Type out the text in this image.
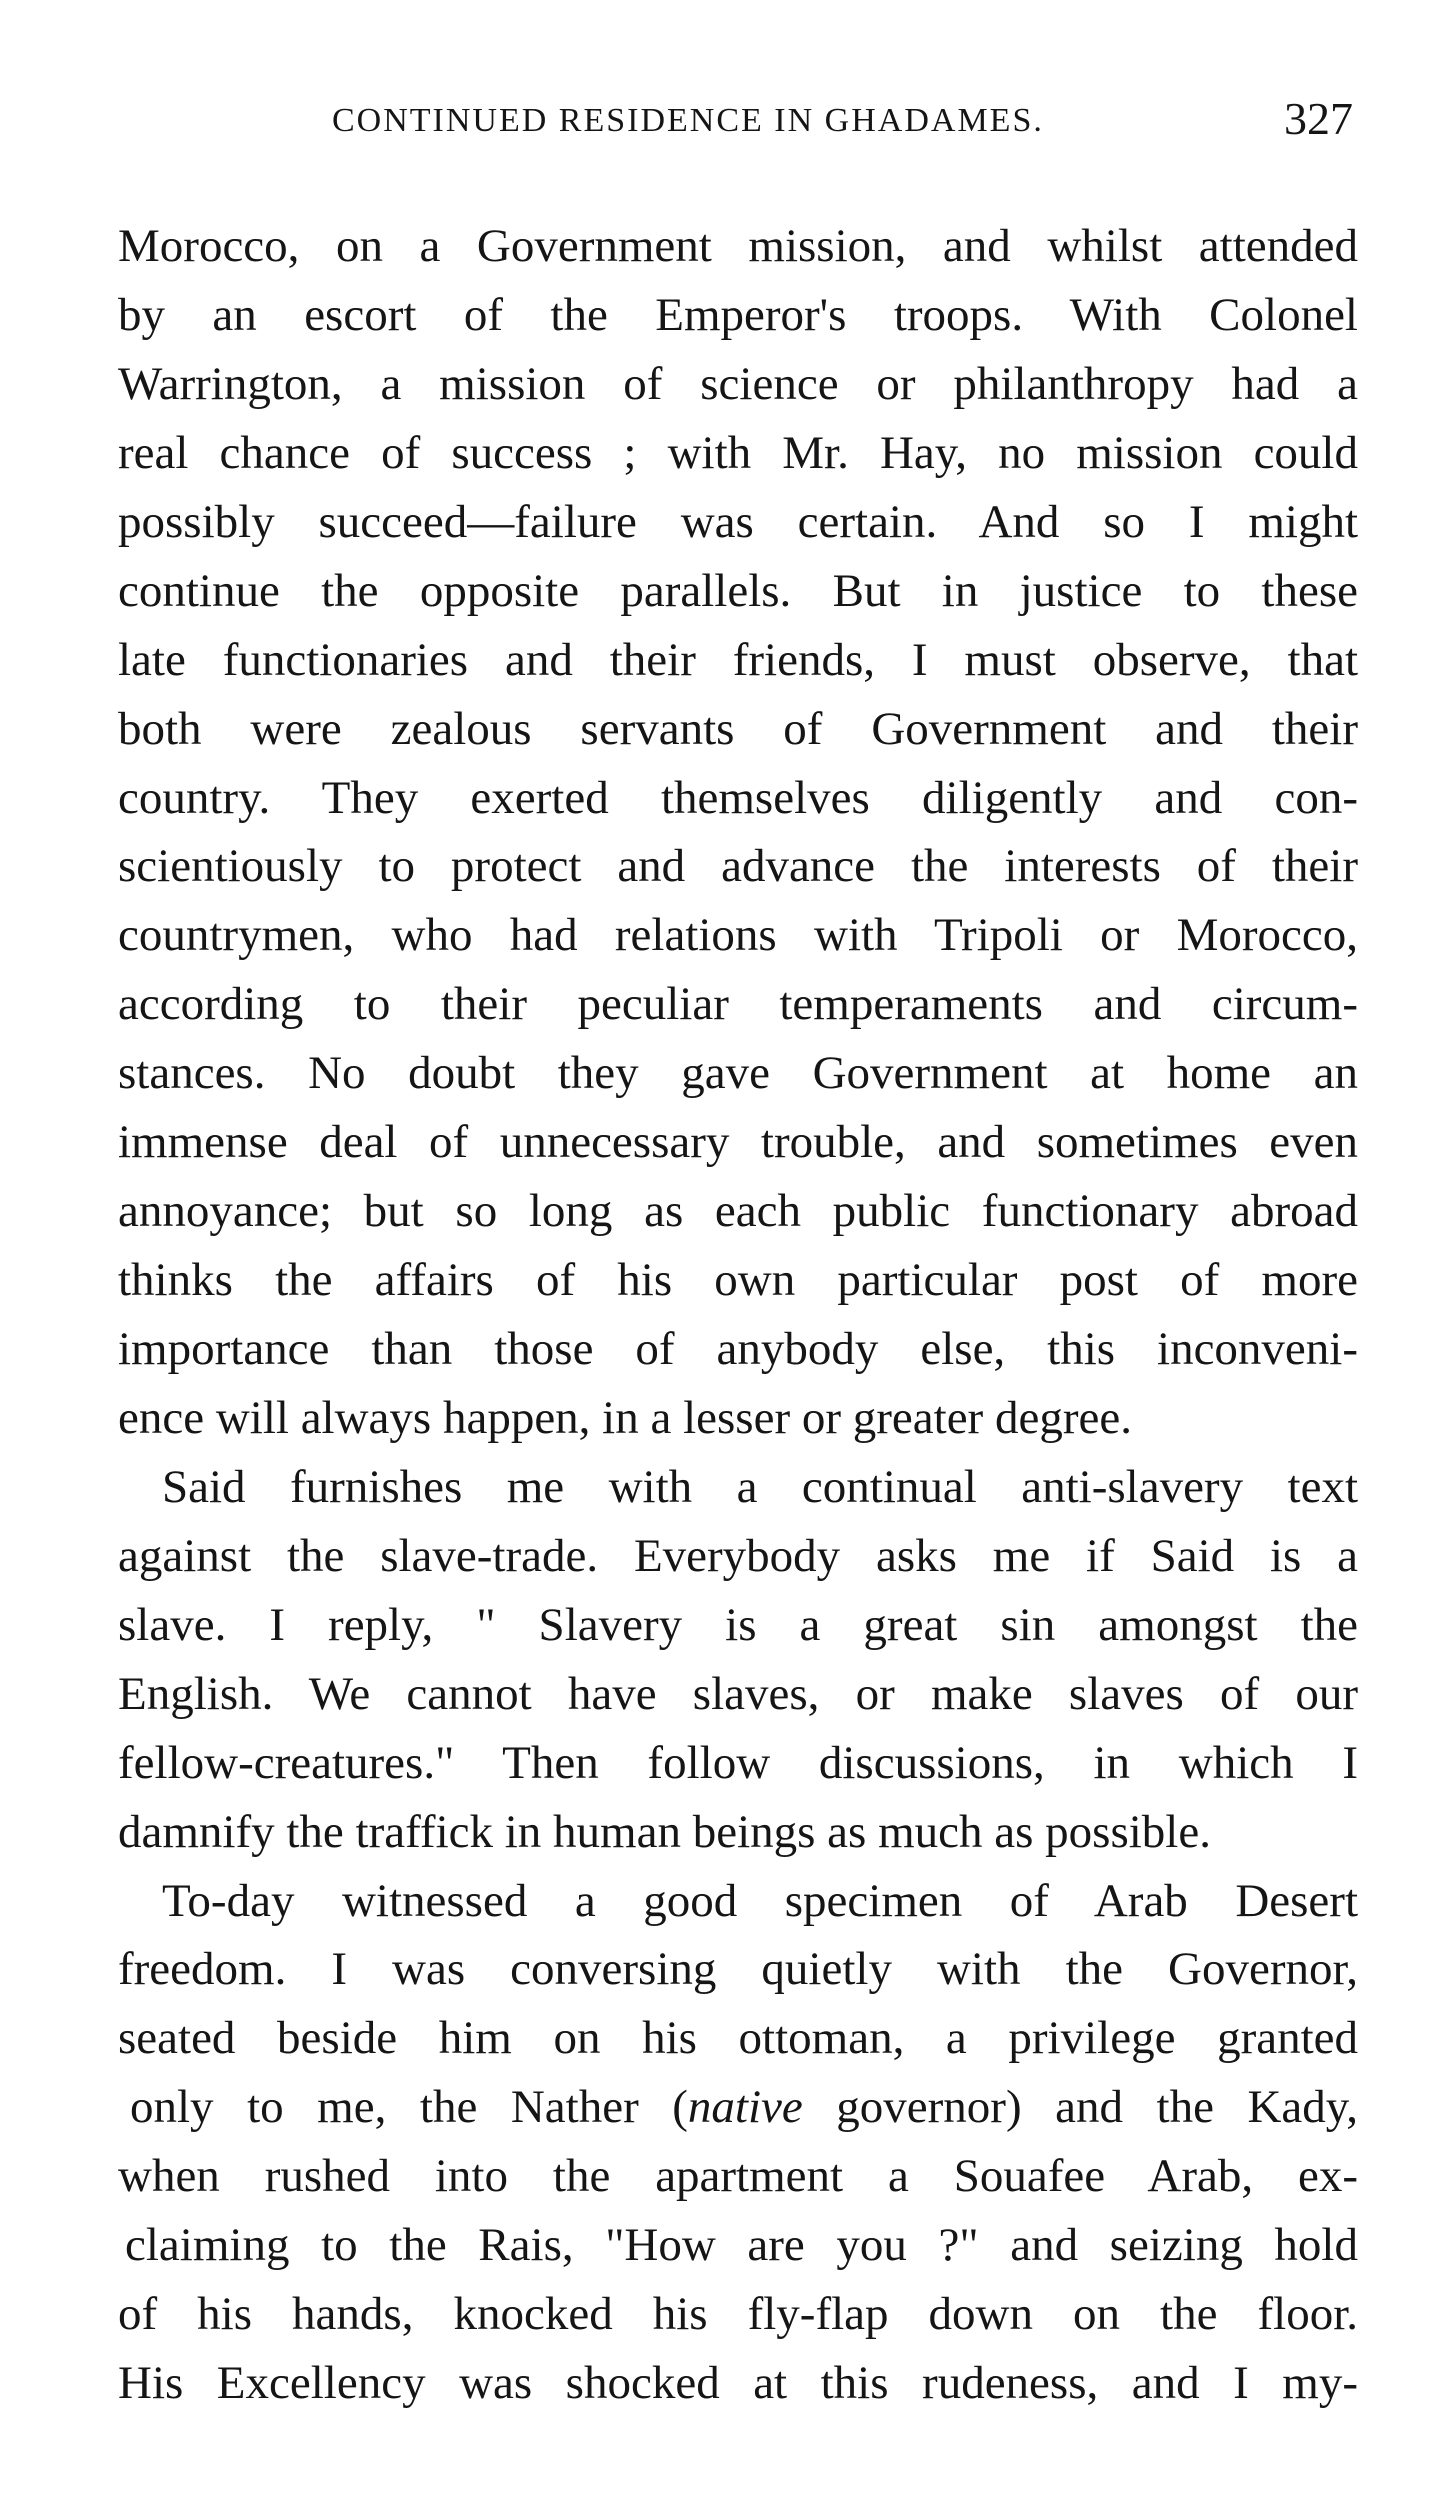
CONTINUED RESIDENCE IN GHADAMES.	327
Morocco, on a Government mission, and whilst attended
by an escort of the Emperor's troops. With Colonel
Warrington, a mission of science or philanthropy had a
real chance of success ; with Mr. Hay, no mission could
possibly succeed—failure was certain. And so I might
continue the opposite parallels. But in justice to these
late functionaries and their friends, I must observe, that
both were zealous servants of Government and their
country. They exerted themselves diligently and con-
scientiously to protect and advance the interests of their
countrymen, who had relations with Tripoli or Morocco,
according to their peculiar temperaments and circum-
stances. No doubt they gave Government at home an
immense deal of unnecessary trouble, and sometimes even
annoyance; but so long as each public functionary abroad
thinks the affairs of his own particular post of more
importance than those of anybody else, this inconveni-
ence will always happen, in a lesser or greater degree.
Said furnishes me with a continual anti-slavery text
against the slave-trade. Everybody asks me if Said is a
slave. I reply, " Slavery is a great sin amongst the
English. We cannot have slaves, or make slaves of our
fellow-creatures." Then follow discussions, in which I
damnify the traffick in human beings as much as possible.
To-day witnessed a good specimen of Arab Desert
freedom. I was conversing quietly with the Governor,
seated beside him on his ottoman, a privilege granted
only to me, the Nather (native governor) and the Kady,
when rushed into the apartment a Souafee Arab, ex-
claiming to the Rais, "How are you ?" and seizing hold
of his hands, knocked his fly-flap down on the floor.
His Excellency was shocked at this rudeness, and I my-
